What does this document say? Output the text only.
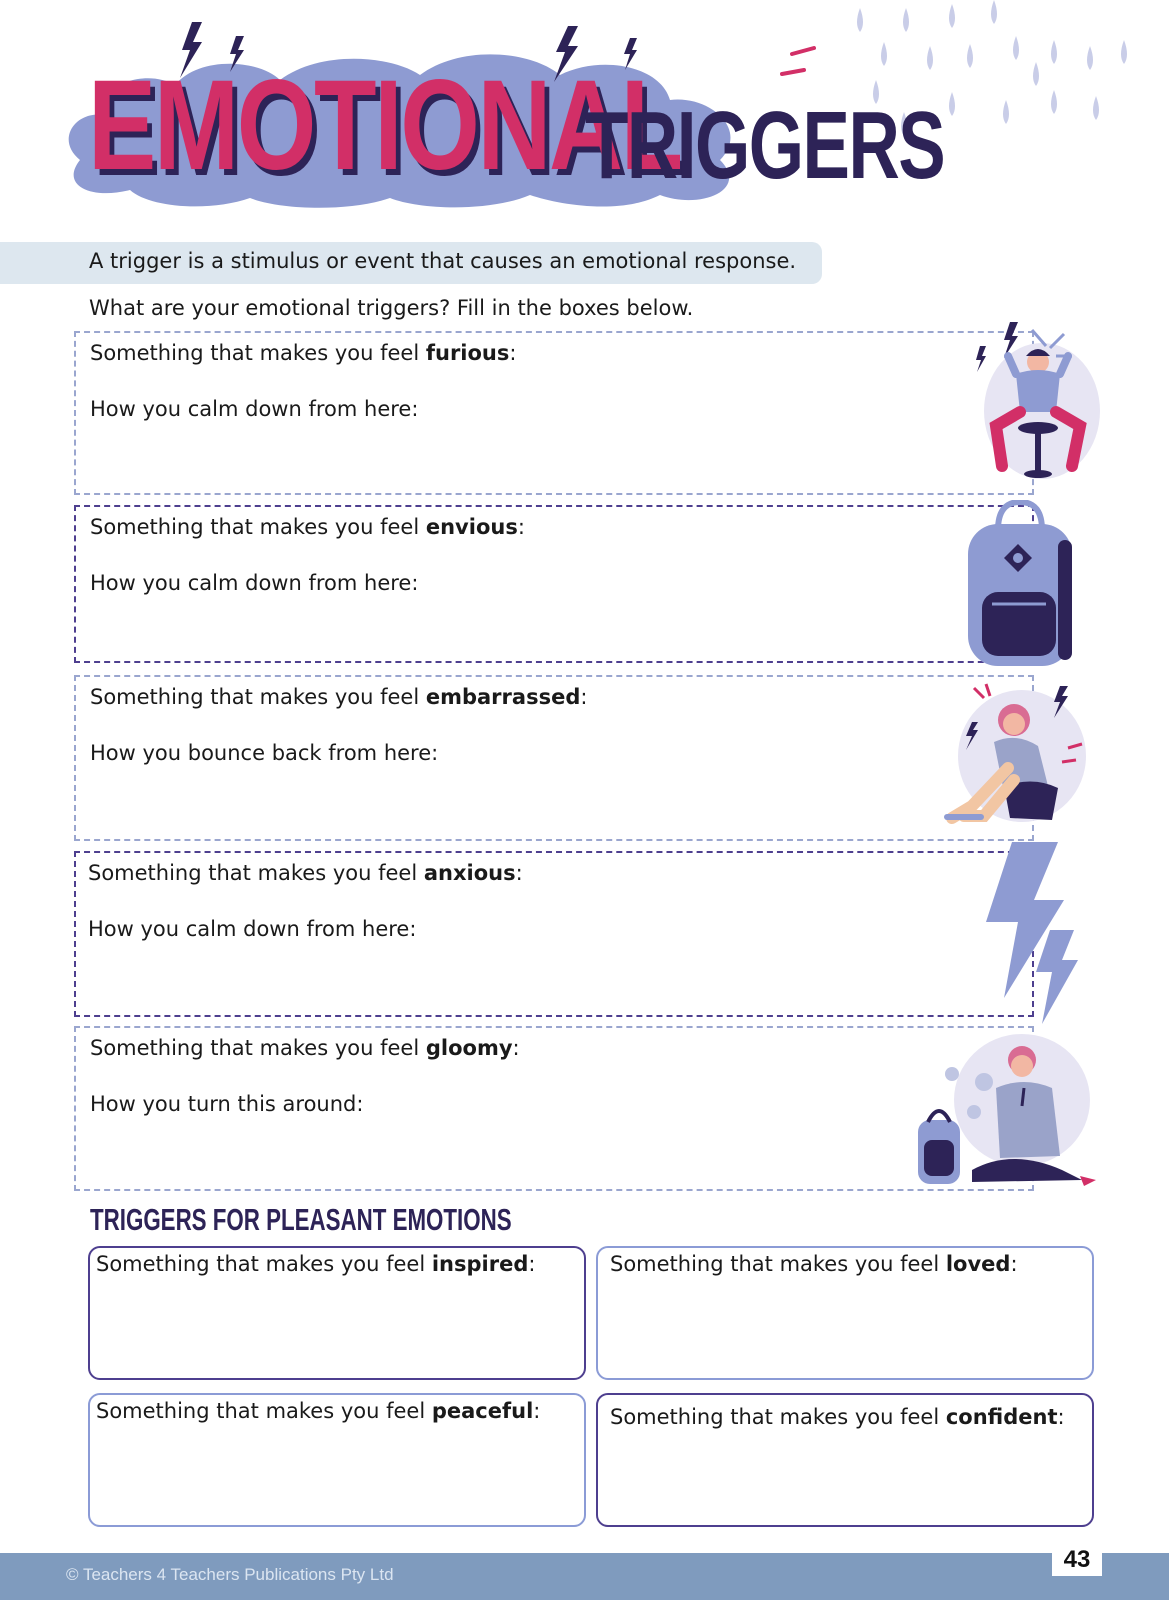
EMOTIONAL
TRIGGERS
A trigger is a stimulus or event that causes an emotional response.
What are your emotional triggers? Fill in the boxes below.
Something that makes you feel furious:
How you calm down from here:
Something that makes you feel envious:
How you calm down from here:
Something that makes you feel embarrassed:
How you bounce back from here:
Something that makes you feel anxious:
How you calm down from here:
Something that makes you feel gloomy:
How you turn this around:
TRIGGERS FOR PLEASANT EMOTIONS
Something that makes you feel inspired:	Something that makes you feel loved:
Something that makes you feel peaceful:	Something that makes you feel confident:
© Teachers 4 Teachers Publications Pty Ltd
43
